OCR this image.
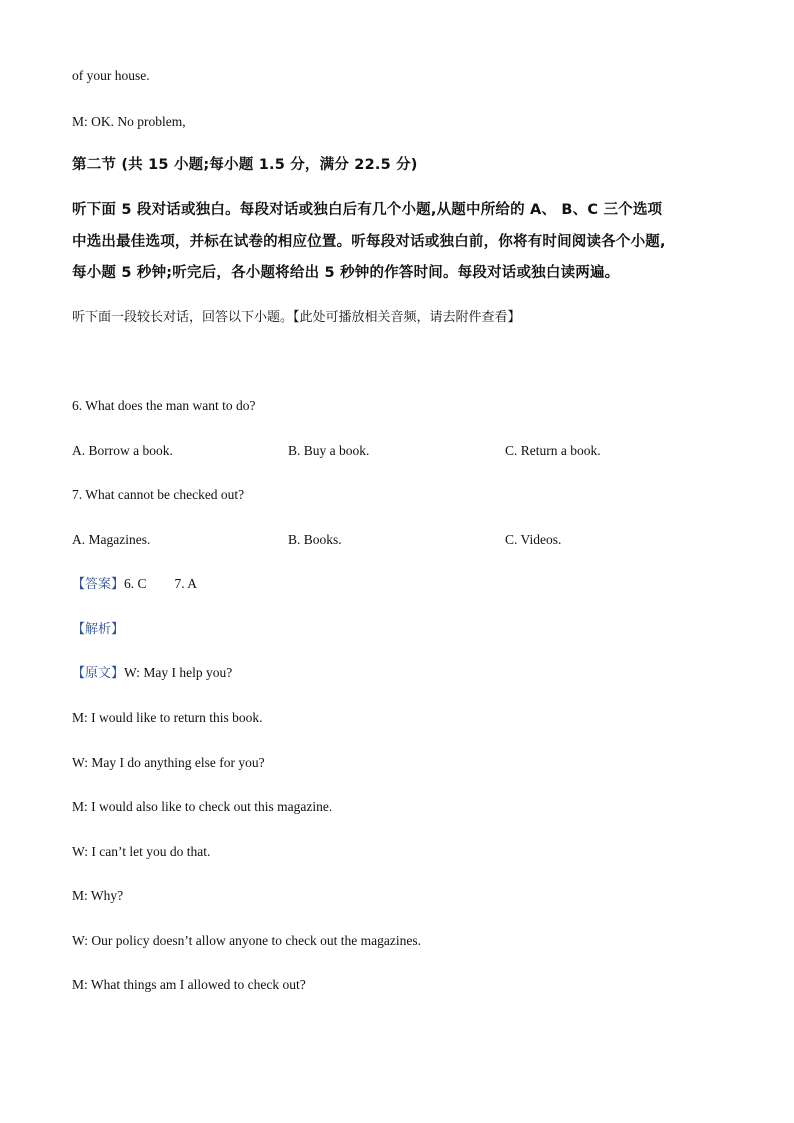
of your house.
M: OK. No problem,
第二节 (共 15 小题;每小题 1.5 分，满分 22.5 分)
听下面 5 段对话或独白。每段对话或独白后有几个小题,从题中所给的 A、 B、C 三个选项
中选出最佳选项，并标在试卷的相应位置。听每段对话或独白前，你将有时间阅读各个小题,
每小题 5 秒钟;听完后，各小题将给出 5 秒钟的作答时间。每段对话或独白读两遍。
听下面一段较长对话，回答以下小题。【此处可播放相关音频，请去附件查看】
6. What does the man want to do?
A. Borrow a book.	B. Buy a book.	C. Return a book.
7. What cannot be checked out?
A. Magazines.	B. Books.	C. Videos.
【答案】6. C 7. A
【解析】
【原文】W: May I help you?
M: I would like to return this book.
W: May I do anything else for you?
M: I would also like to check out this magazine.
W: I can’t let you do that.
M: Why?
W: Our policy doesn’t allow anyone to check out the magazines.
M: What things am I allowed to check out?
